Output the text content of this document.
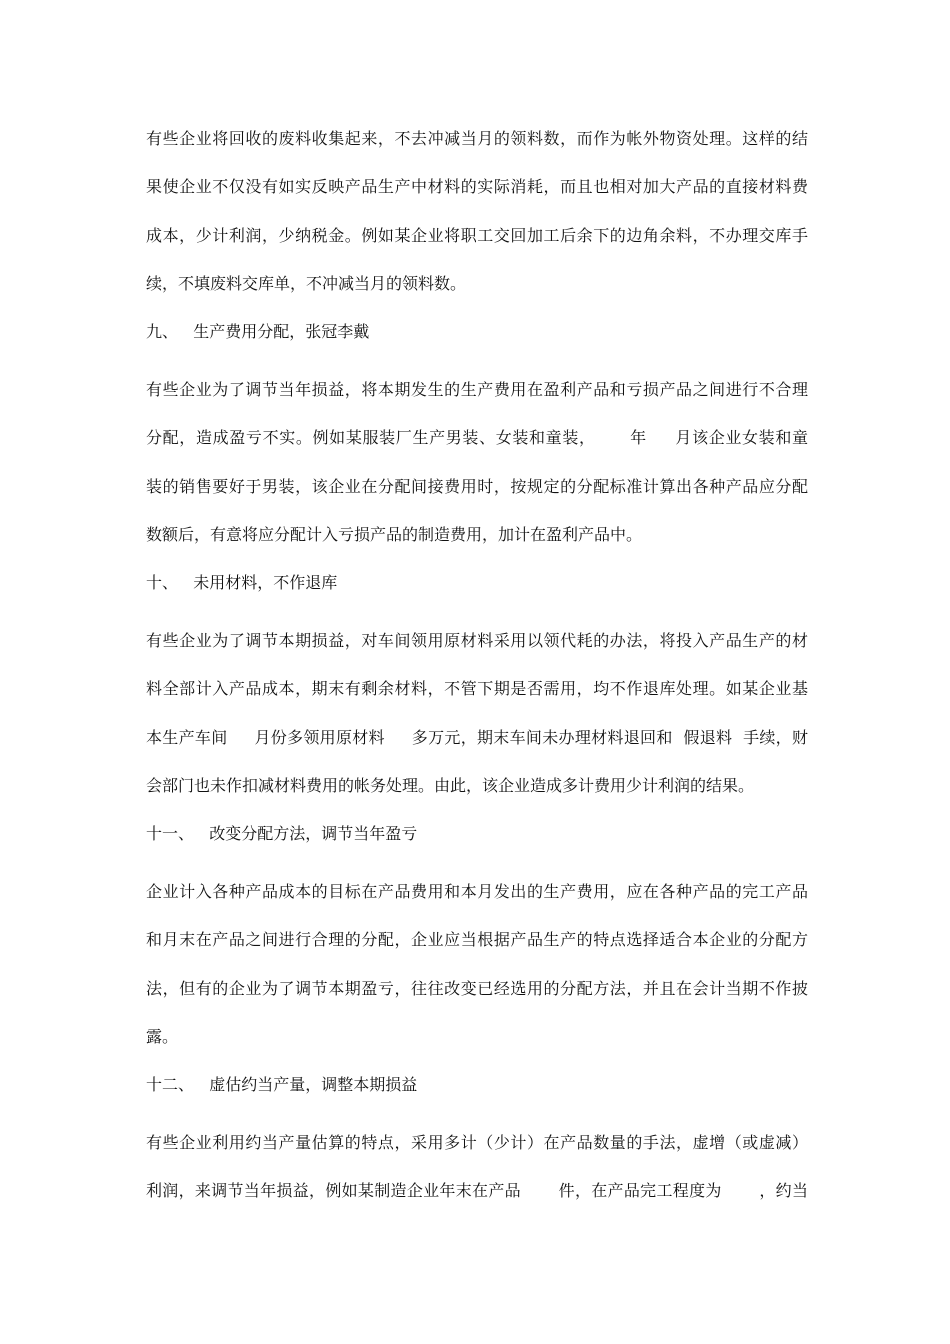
有些企业将回收的废料收集起来，不去冲减当月的领料数，而作为帐外物资处理。这样的结
果使企业不仅没有如实反映产品生产中材料的实际消耗，而且也相对加大产品的直接材料费
成本，少计利润，少纳税金。例如某企业将职工交回加工后余下的边角余料，不办理交库手
续，不填废料交库单，不冲减当月的领料数。
九、   生产费用分配，张冠李戴
有些企业为了调节当年损益，将本期发生的生产费用在盈利产品和亏损产品之间进行不合理
分配，造成盈亏不实。例如某服装厂生产男装、女装和童装，      年     月该企业女装和童
装的销售要好于男装，该企业在分配间接费用时，按规定的分配标准计算出各种产品应分配
数额后，有意将应分配计入亏损产品的制造费用，加计在盈利产品中。
十、   未用材料，不作退库
有些企业为了调节本期损益，对车间领用原材料采用以领代耗的办法，将投入产品生产的材
料全部计入产品成本，期末有剩余材料，不管下期是否需用，均不作退库处理。如某企业基
本生产车间     月份多领用原材料     多万元，期末车间未办理材料退回和  假退料  手续，财
会部门也未作扣减材料费用的帐务处理。由此，该企业造成多计费用少计利润的结果。
十一、   改变分配方法，调节当年盈亏
企业计入各种产品成本的目标在产品费用和本月发出的生产费用，应在各种产品的完工产品
和月末在产品之间进行合理的分配，企业应当根据产品生产的特点选择适合本企业的分配方
法，但有的企业为了调节本期盈亏，往往改变已经选用的分配方法，并且在会计当期不作披
露。
十二、   虚估约当产量，调整本期损益
有些企业利用约当产量估算的特点，采用多计（少计）在产品数量的手法，虚增（或虚减）
利润，来调节当年损益，例如某制造企业年末在产品       件，在产品完工程度为       ，约当
